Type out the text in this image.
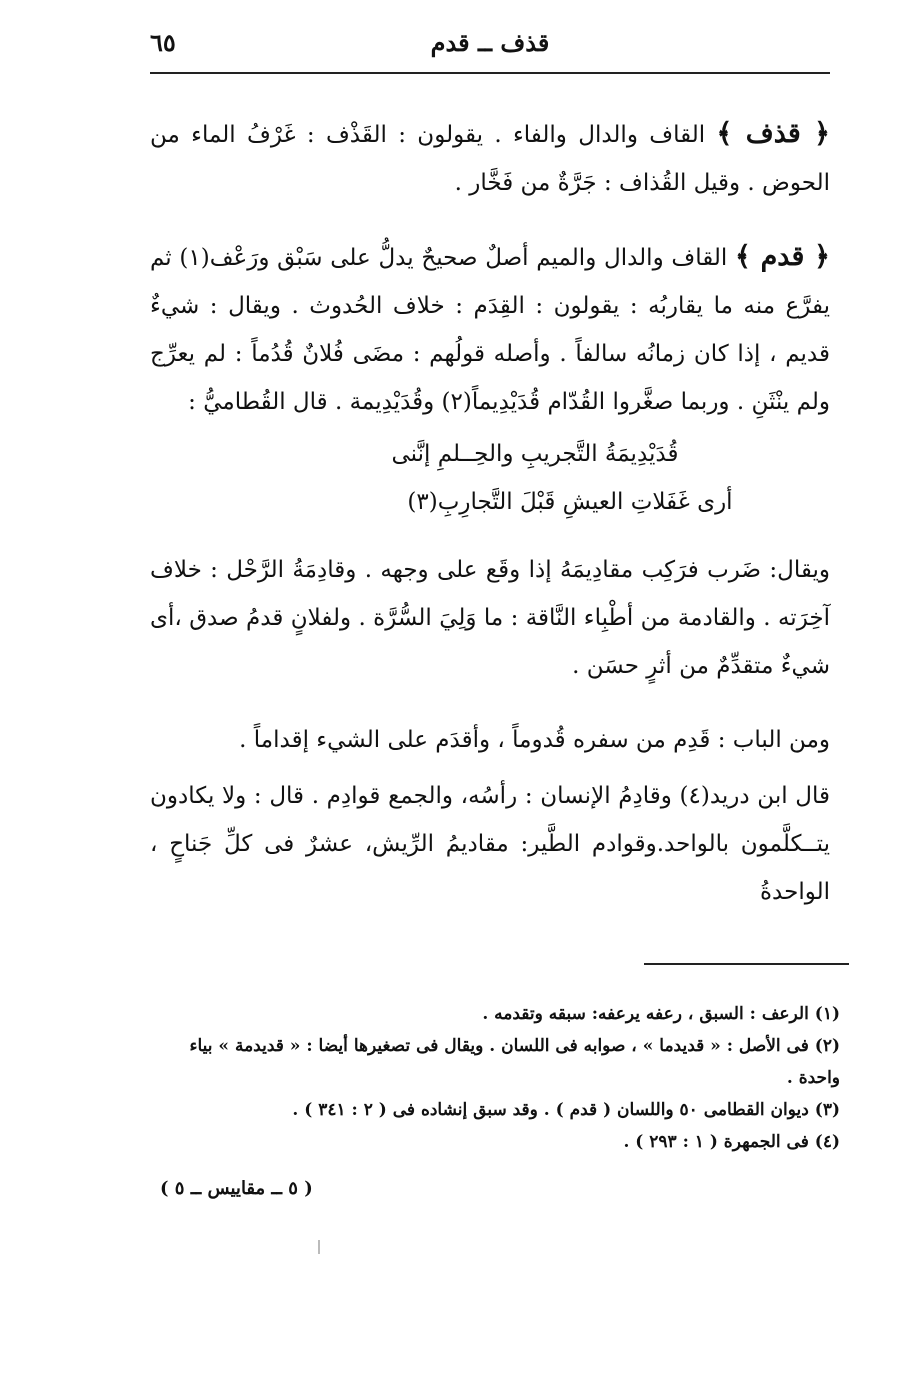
قذف ــ قدم
٦٥

﴿ قذف ﴾ القاف والدال والفاء . يقولون : القَذْف : غَرْفُ الماء من الحوض . وقيل القُذاف : جَرَّةٌ من فَخَّار .

﴿ قدم ﴾ القاف والدال والميم أصلٌ صحيحٌ يدلُّ على سَبْق ورَعْف(١) ثم يفرَّع منه ما يقاربُه : يقولون : القِدَم : خلاف الحُدوث . ويقال : شيءٌ قديم ، إذا كان زمانُه سالفاً . وأصله قولُهم : مضَى فُلانٌ قُدُماً : لم يعرِّج ولم ينْثَنِ . وربما صغَّروا القُدّام قُدَيْدِيماً(٢) وقُدَيْدِيمة . قال القُطاميُّ :

قُدَيْدِيمَةُ التَّجريبِ والحِــلمِ إنَّنى
أرى غَفَلاتِ العيشِ قَبْلَ التَّجارِبِ(٣)

ويقال: ضَرب فرَكِب مقادِيمَهُ إذا وقَع على وجهه . وقادِمَةُ الرَّحْل : خلاف آخِرَته . والقادمة من أطْبِاء النَّاقة : ما وَلِيَ السُّرَّة . ولفلانٍ قدمُ صدق ،أى شيءٌ متقدِّمٌ من أثرٍ حسَن .

ومن الباب : قَدِم من سفره قُدوماً ، وأقدَم على الشيء إقداماً .

قال ابن دريد(٤) وقادِمُ الإنسان : رأسُه، والجمع قوادِم . قال : ولا يكادون يتــكلَّمون بالواحد.وقوادم الطَّير: مقاديمُ الرِّيش، عشرٌ فى كلِّ جَناحٍ ، الواحدةُ

(١) الرعف : السبق ، رعفه يرعفه: سبقه وتقدمه .

(٢) فى الأصل : « قديدما » ، صوابه فى اللسان . ويقال فى تصغيرها أيضا : « قديدمة » بياء واحدة .

(٣) ديوان القطامى ٥٠ واللسان ( قدم ) . وقد سبق إنشاده فى ( ٢ : ٣٤١ ) .

(٤) فى الجمهرة ( ١ : ٢٩٣ ) .

( ٥ ــ مقاييس ــ ٥ )
